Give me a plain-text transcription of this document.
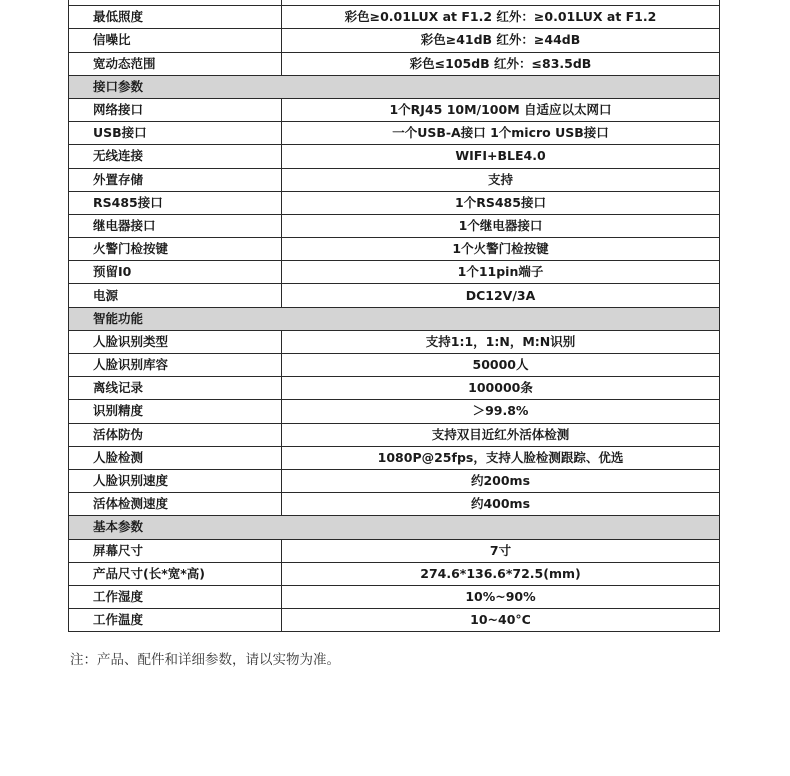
最低照度	彩色≥0.01LUX at F1.2 红外：≥0.01LUX at F1.2
信噪比	彩色≥41dB 红外：≥44dB
宽动态范围	彩色≤105dB 红外：≤83.5dB
接口参数	
网络接口	1个RJ45 10M/100M 自适应以太网口
USB接口	一个USB-A接口 1个micro USB接口
无线连接	WIFI+BLE4.0
外置存储	支持
RS485接口	1个RS485接口
继电器接口	1个继电器接口
火警门检按键	1个火警门检按键
预留I0	1个11pin端子
电源	DC12V/3A
智能功能	
人脸识别类型	支持1:1，1:N，M:N识别
人脸识别库容	50000人
离线记录	100000条
识别精度	＞99.8%
活体防伪	支持双目近红外活体检测
人脸检测	1080P@25fps，支持人脸检测跟踪、优选
人脸识别速度	约200ms
活体检测速度	约400ms
基本参数	
屏幕尺寸	7寸
产品尺寸(长*宽*高)	274.6*136.6*72.5(mm)
工作湿度	10%~90%
工作温度	10~40°C
注：产品、配件和详细参数，请以实物为准。
